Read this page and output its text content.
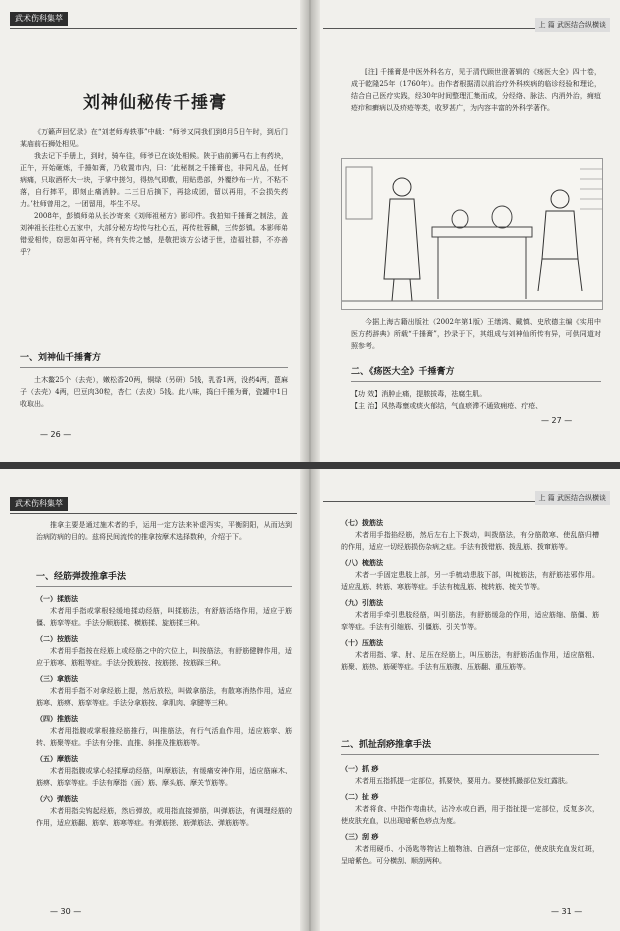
武术伤科集萃
刘神仙秘传千捶膏

《万籁声回忆录》在“刘老师寿轶事”中载：“师爷又同我们到8月5日午时，到后门某庙前石狮处相见。

我去记下手册上，到时，骑车往，师爷已在该处相候。陕于庙前狮马右上有药块，正午，开始砸炼，千捶如膏，乃收置市内，曰：‘此秘制之千捶膏也，非同凡品，任何病痛，只取酒杯大一块，于掌中搓匀，得热气即敷，用贴患部，外覆纱布一片，不粘不落，自行摔平，即刻止痛消肿。二三日后摘下，再捻成团，留以再用，不会损失药力。’杜师曾用之，一团留用，毕生不尽。

2008年，彭镇师弟从长沙寄来《刘师祖秘方》影印件。我拍知千捶膏之制法，盖刘神祖长往杜心五家中，大部分秘方均传与杜心五，再传杜蓉麟，三传彭镇。本影师弟错爱相传，窃思如再守秘，终有失传之憾，是敬把该方公诸于世，造福社群，不亦善乎？

一、刘神仙千捶膏方

土木鳖25个（去壳），嫩松香20两，铜绿（另研）5钱，乳香1两，没药4两，蓖麻子（去壳）4两，巴豆肉30粒，杏仁（去皮）5钱。此八味，捣臼千捶为膏，瓷罐中1日收取出。

— 26 —
上 篇 武医结合纵横谈

[注] 千捶膏是中医外科名方，见于清代顾世澄著辑的《疡医大全》四十卷，成于乾隆25年（1760年）。由作者根据清以前治疗外科疾病的临诊经验和理论，结合自己医疗实践，经30年时间整理汇集而成，分经络、脉法、内消外治，痈疽疮疖和癣病以及疥疮等类，收罗甚广，为内容丰富的外科学著作。

今据上海古籍出版社（2002年第1版）王缮鸿、戴慎、史欣德主编《实用中医方药辞典》所载“千捶膏”，抄录于下，其组成与刘神仙所传有异，可供同道对照参考。

二、《疡医大全》千捶膏方
【功 效】消肿止痛，提脓拔毒，祛腐生肌。
【主 治】风热毒壅或痰火郁结，气血瘀滞不通致痈疮、疔疮、
— 27 —
武术伤科集萃

推拿主要是通过施术者的手，运用一定方法来补虚泻实，平衡阴阳，从而达到治病防病的目的。兹将民间流传的推拿按摩术选择数种，介绍于下。

一、经筋弹拨推拿手法
（一）揉筋法

术者用手指或掌根轻缓地揉动经筋，叫揉筋法，有舒筋活络作用，适应于筋僵、筋挛等症。手法分顺筋揉、横筋揉、旋筋揉三种。

（二）按筋法

术者用手指按在经筋上或经筋之中的穴位上，叫按筋法，有舒筋健脾作用，适应于筋寒、筋粗等症。手法分拨筋按、按筋搓、按筋踩三种。

（三）拿筋法

术者用手指不对拿经筋上提，然后放松，叫做拿筋法，有散寒消热作用，适应筋寒、筋痹、筋挛等症。手法分拿筋按、拿肌肉、拿腱等三种。

（四）推筋法

术者用指腹或掌根推经筋推行，叫推筋法，有行气活血作用，适应筋挛、筋转、筋聚等症。手法有分推、直推、斜推及推筋筋等。

（五）摩筋法

术者用指腹或掌心轻揉摩动经筋，叫摩筋法，有缓痛安神作用，适应筋麻木、筋痹、筋挛等症。手法有摩指（面）筋、摩头筋、摩关节筋等。

（六）弹筋法

术者用指尖钩起经筋，然后弹放，或用指直接弹筋，叫弹筋法，有调理经筋的作用，适应筋翻、筋挛、筋寒等症。有弹筋搓、筋弹筋法、弹筋筋等。

— 30 —
上 篇 武医结合纵横谈
（七）拨筋法

术者用手指掐经筋，然后左右上下拨动，叫拨筋法，有分筋散寒、使乱筋归槽的作用，适应一切经筋损伤杂病之症。手法有拨错筋、拨乱筋、拨窜筋等。

（八）梳筋法

术者一手固定患肢上部，另一手梳动患肢下部，叫梳筋法，有舒筋祛邪作用。适应乱筋、转筋、寒筋等症。手法有梳乱筋、梳转筋、梳关节等。

（九）引筋法

术者用手牵引患肢经筋，叫引筋法，有舒筋缓急的作用，适应筋缩、筋僵、筋挛等症。手法有引缩筋、引僵筋、引关节等。

（十）压筋法

术者用指、掌、肘、足压在经筋上，叫压筋法，有舒筋活血作用，适应筋粗、筋聚、筋热、筋硬等症。手法有压筋腹、压筋翻、重压筋等。

二、抓扯刮痧推拿手法
（一）抓 痧

术者用五指抓提一定部位，抓要快，要用力。要使抓撮部位发红露肤。

（二）扯 痧

术者将食、中指作弯曲状，沾冷水或白酒，用于指扯提一定部位，反复多次，使皮肤充血，以出现暗紫色痧点为度。

（三）刮 痧

术者用硬币、小汤匙等物沾上植物油、白酒刮一定部位，使皮肤充血发红斑，呈暗紫色。可分横刮、顺刮两种。

— 31 —
